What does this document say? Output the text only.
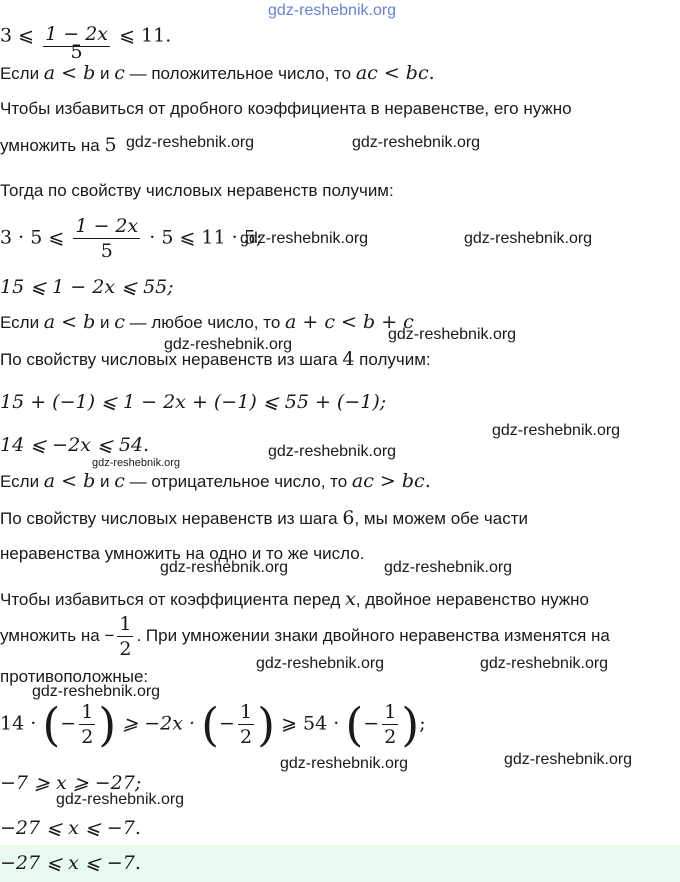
gdz-reshebnik.org
3 ⩽ $\frac{1 - 2x}{5}$ ⩽ 11.
Если a < b и c — положительное число, то ac < bc.
Чтобы избавиться от дробного коэффициента в неравенстве, его нужно
умножить на 5 gdz-reshebnik.org	gdz-reshebnik.org
Тогда по свойству числовых неравенств получим:
3 · 5 ⩽ $\frac{1 - 2x}{5} \cdot 5$ ⩽ 11 · 5;
gdz-reshebnik.org	gdz-reshebnik.org
15 ⩽ 1 − 2x ⩽ 55;
Если a < b и c — любое число, то a + c < b + c
gdz-reshebnik.org
gdz-reshebnik.org
По свойству числовых неравенств из шага 4 получим:
15 + (−1) ⩽ 1 − 2x + (−1) ⩽ 55 + (−1);
14 ⩽ −2x ⩽ 54.
gdz-reshebnik.org
gdz-reshebnik.org
gdz-reshebnik.org
Если a < b и c — отрицательное число, то ac > bc.
По свойству числовых неравенств из шага 6, мы можем обе части
неравенства умножить на одно и то же число.
gdz-reshebnik.org	gdz-reshebnik.org
Чтобы избавиться от коэффициента перед x, двойное неравенство нужно
умножить на − $\frac{1}{2}$ . При умножении знаки двойного неравенства изменятся на
противоположные:
gdz-reshebnik.org	gdz-reshebnik.org
gdz-reshebnik.org
14 · (− $\frac{1}{2}$ ) ⩾ −2x · (− $\frac{1}{2}$ ) ⩾ 54 · (− $\frac{1}{2}$ );
gdz-reshebnik.org	gdz-reshebnik.org
−7 ⩾ x ⩾ −27;
gdz-reshebnik.org
−27 ⩽ x ⩽ −7.
−27 ⩽ x ⩽ −7.
